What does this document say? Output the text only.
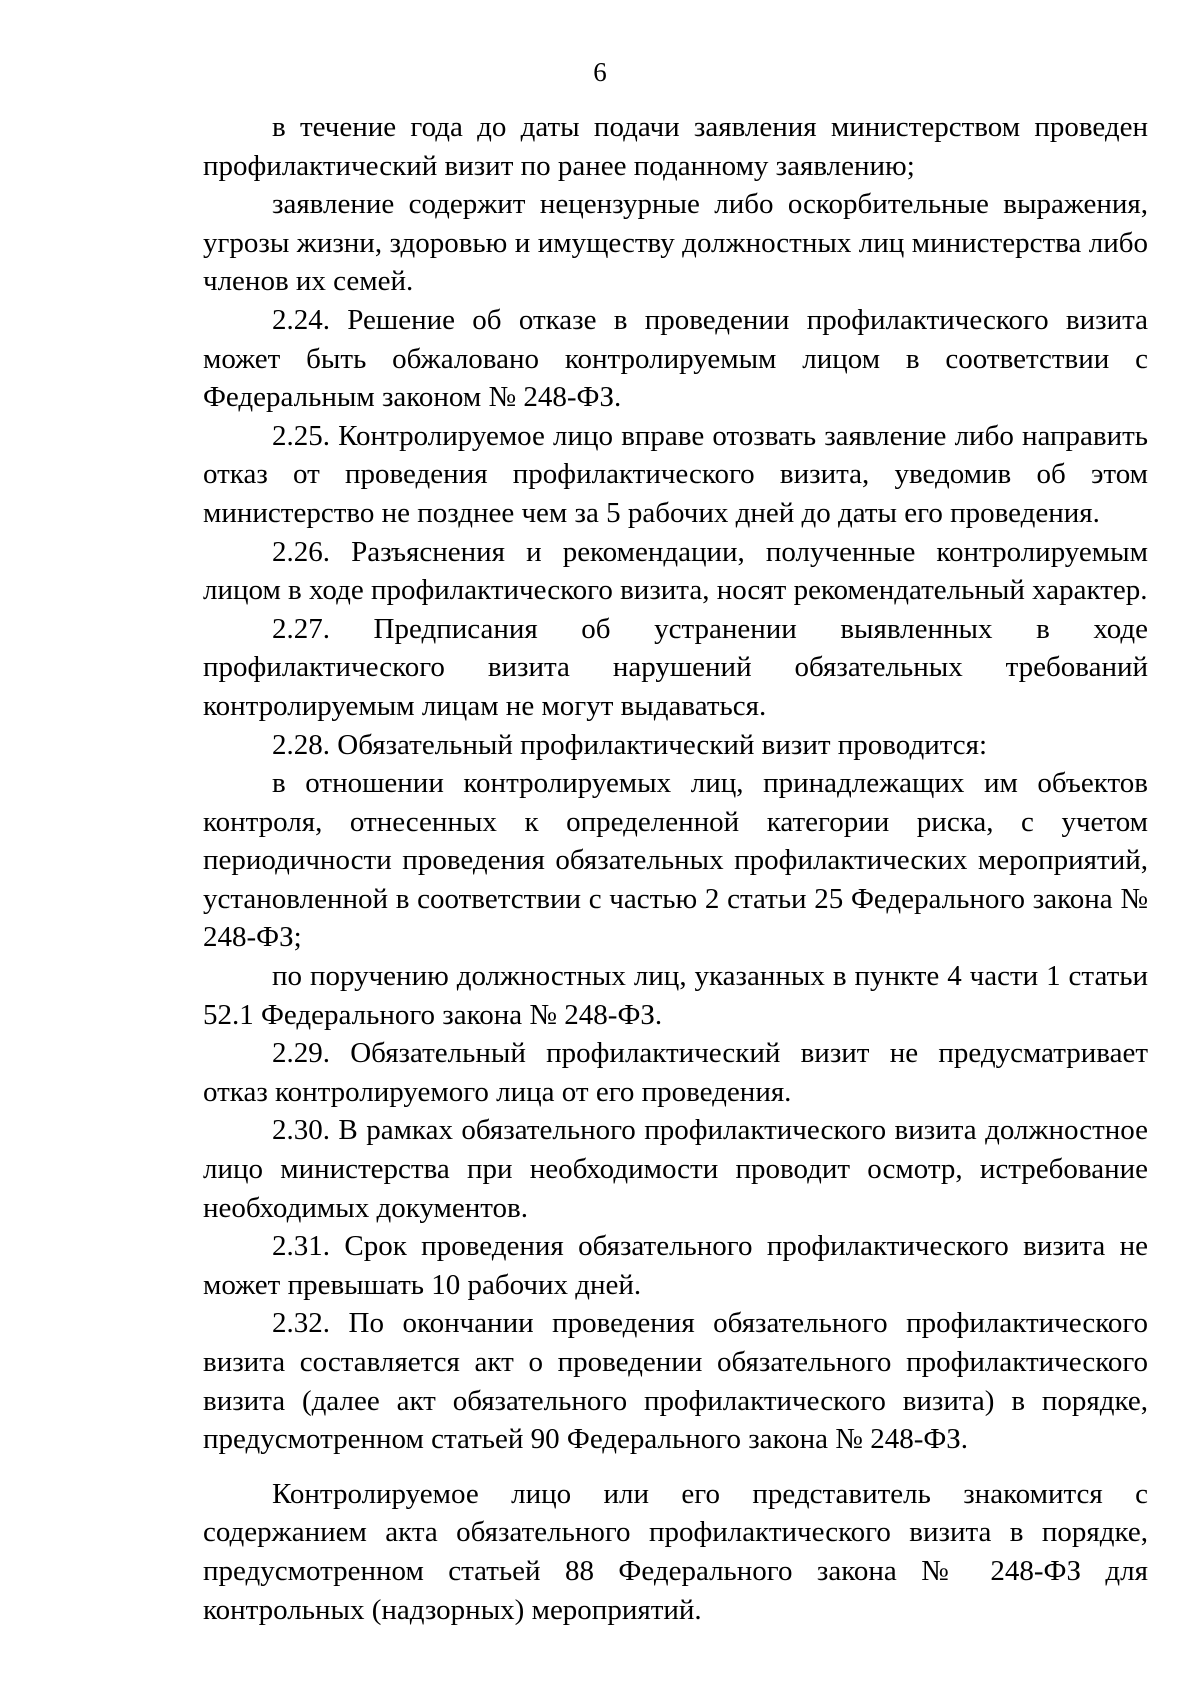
6

в течение года до даты подачи заявления министерством проведен профилактический визит по ранее поданному заявлению;

заявление содержит нецензурные либо оскорбительные выражения, угрозы жизни, здоровью и имуществу должностных лиц министерства либо членов их семей.

2.24. Решение об отказе в проведении профилактического визита может быть обжаловано контролируемым лицом в соответствии с Федеральным законом № 248-ФЗ.

2.25. Контролируемое лицо вправе отозвать заявление либо направить отказ от проведения профилактического визита, уведомив об этом министерство не позднее чем за 5 рабочих дней до даты его проведения.

2.26. Разъяснения и рекомендации, полученные контролируемым лицом в ходе профилактического визита, носят рекомендательный характер.

2.27. Предписания об устранении выявленных в ходе профилактического визита нарушений обязательных требований контролируемым лицам не могут выдаваться.

2.28. Обязательный профилактический визит проводится:

в отношении контролируемых лиц, принадлежащих им объектов контроля, отнесенных к определенной категории риска, с учетом периодичности проведения обязательных профилактических мероприятий, установленной в соответствии с частью 2 статьи 25 Федерального закона № 248-ФЗ;

по поручению должностных лиц, указанных в пункте 4 части 1 статьи 52.1 Федерального закона № 248-ФЗ.

2.29. Обязательный профилактический визит не предусматривает отказ контролируемого лица от его проведения.

2.30. В рамках обязательного профилактического визита должностное лицо министерства при необходимости проводит осмотр, истребование необходимых документов.

2.31. Срок проведения обязательного профилактического визита не может превышать 10 рабочих дней.

2.32. По окончании проведения обязательного профилактического визита составляется акт о проведении обязательного профилактического визита (далее акт обязательного профилактического визита) в порядке, предусмотренном статьей 90 Федерального закона № 248-ФЗ.

Контролируемое лицо или его представитель знакомится с содержанием акта обязательного профилактического визита в порядке, предусмотренном статьей 88 Федерального закона № 248-ФЗ для контрольных (надзорных) мероприятий.
